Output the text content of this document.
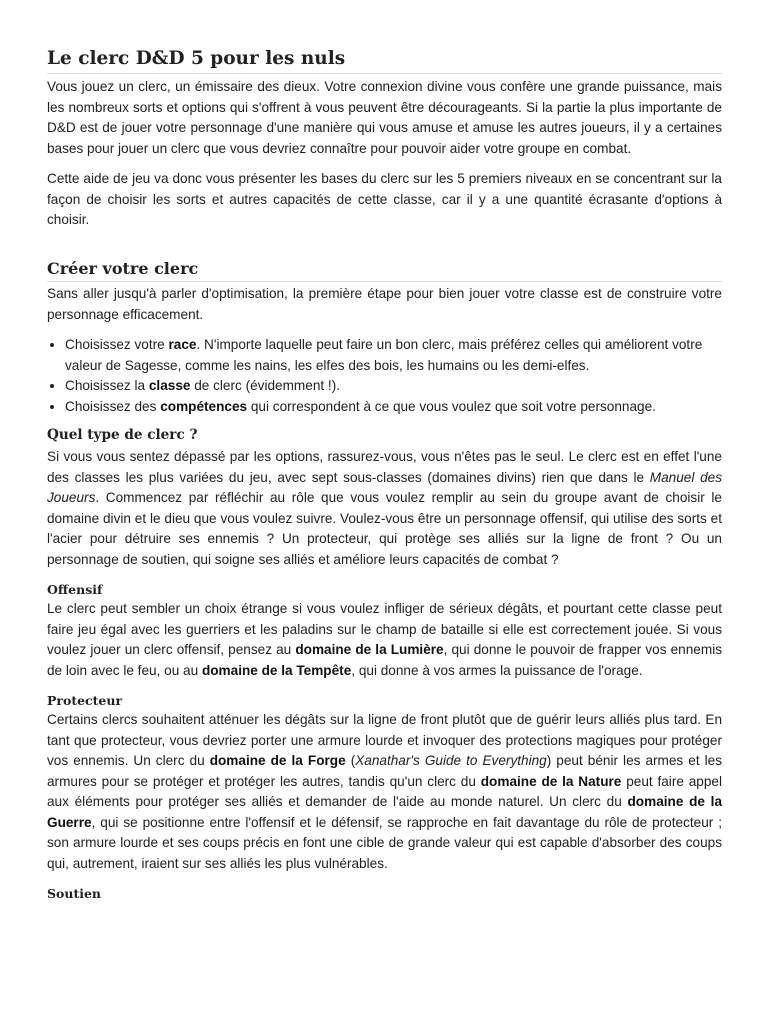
Le clerc D&D 5 pour les nuls

Vous jouez un clerc, un émissaire des dieux. Votre connexion divine vous confère une grande puissance, mais les nombreux sorts et options qui s'offrent à vous peuvent être décourageants. Si la partie la plus importante de D&D est de jouer votre personnage d'une manière qui vous amuse et amuse les autres joueurs, il y a certaines bases pour jouer un clerc que vous devriez connaître pour pouvoir aider votre groupe en combat.

Cette aide de jeu va donc vous présenter les bases du clerc sur les 5 premiers niveaux en se concentrant sur la façon de choisir les sorts et autres capacités de cette classe, car il y a une quantité écrasante d'options à choisir.

Créer votre clerc

Sans aller jusqu'à parler d'optimisation, la première étape pour bien jouer votre classe est de construire votre personnage efficacement.

• Choisissez votre race. N'importe laquelle peut faire un bon clerc, mais préférez celles qui améliorent votre valeur de Sagesse, comme les nains, les elfes des bois, les humains ou les demi-elfes.
• Choisissez la classe de clerc (évidemment !).
• Choisissez des compétences qui correspondent à ce que vous voulez que soit votre personnage.
Quel type de clerc ?

Si vous vous sentez dépassé par les options, rassurez-vous, vous n'êtes pas le seul. Le clerc est en effet l'une des classes les plus variées du jeu, avec sept sous-classes (domaines divins) rien que dans le Manuel des Joueurs. Commencez par réfléchir au rôle que vous voulez remplir au sein du groupe avant de choisir le domaine divin et le dieu que vous voulez suivre. Voulez-vous être un personnage offensif, qui utilise des sorts et l'acier pour détruire ses ennemis ? Un protecteur, qui protège ses alliés sur la ligne de front ? Ou un personnage de soutien, qui soigne ses alliés et améliore leurs capacités de combat ?

Offensif

Le clerc peut sembler un choix étrange si vous voulez infliger de sérieux dégâts, et pourtant cette classe peut faire jeu égal avec les guerriers et les paladins sur le champ de bataille si elle est correctement jouée. Si vous voulez jouer un clerc offensif, pensez au domaine de la Lumière, qui donne le pouvoir de frapper vos ennemis de loin avec le feu, ou au domaine de la Tempête, qui donne à vos armes la puissance de l'orage.

Protecteur

Certains clercs souhaitent atténuer les dégâts sur la ligne de front plutôt que de guérir leurs alliés plus tard. En tant que protecteur, vous devriez porter une armure lourde et invoquer des protections magiques pour protéger vos ennemis. Un clerc du domaine de la Forge (Xanathar's Guide to Everything) peut bénir les armes et les armures pour se protéger et protéger les autres, tandis qu'un clerc du domaine de la Nature peut faire appel aux éléments pour protéger ses alliés et demander de l'aide au monde naturel. Un clerc du domaine de la Guerre, qui se positionne entre l'offensif et le défensif, se rapproche en fait davantage du rôle de protecteur ; son armure lourde et ses coups précis en font une cible de grande valeur qui est capable d'absorber des coups qui, autrement, iraient sur ses alliés les plus vulnérables.

Soutien
